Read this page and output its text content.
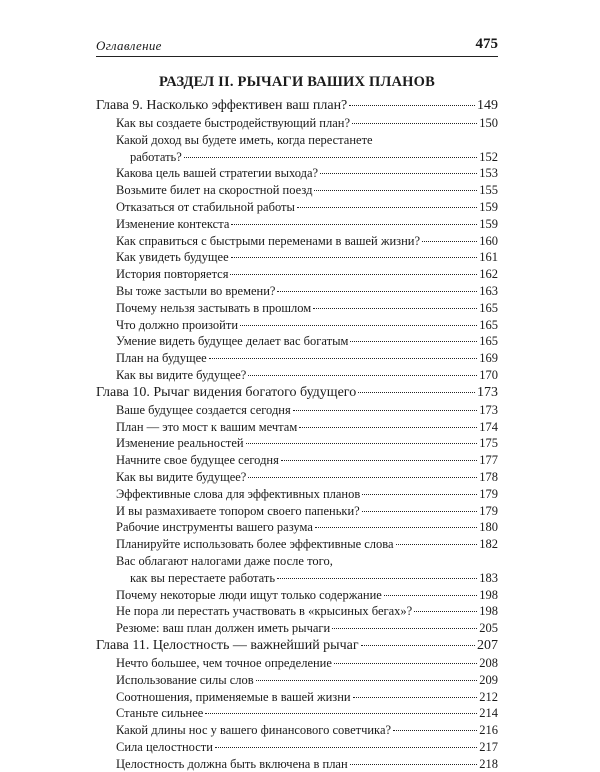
Оглавление	475
РАЗДЕЛ II. РЫЧАГИ ВАШИХ ПЛАНОВ
Глава 9. Насколько эффективен ваш план?	149
Как вы создаете быстродействующий план?	150
Какой доход вы будете иметь, когда перестанете
работать?	152
Какова цель вашей стратегии выхода?	153
Возьмите билет на скоростной поезд	155
Отказаться от стабильной работы	159
Изменение контекста	159
Как справиться с быстрыми переменами в вашей жизни?	160
Как увидеть будущее	161
История повторяется	162
Вы тоже застыли во времени?	163
Почему нельзя застывать в прошлом	165
Что должно произойти	165
Умение видеть будущее делает вас богатым	165
План на будущее	169
Как вы видите будущее?	170
Глава 10. Рычаг видения богатого будущего	173
Ваше будущее создается сегодня	173
План — это мост к вашим мечтам	174
Изменение реальностей	175
Начните свое будущее сегодня	177
Как вы видите будущее?	178
Эффективные слова для эффективных планов	179
И вы размахиваете топором своего папеньки?	179
Рабочие инструменты вашего разума	180
Планируйте использовать более эффективные слова	182
Вас облагают налогами даже после того,
как вы перестаете работать	183
Почему некоторые люди ищут только содержание	198
Не пора ли перестать участвовать в «крысиных бегах»?	198
Резюме: ваш план должен иметь рычаги	205
Глава 11. Целостность — важнейший рычаг	207
Нечто большее, чем точное определение	208
Использование силы слов	209
Соотношения, применяемые в вашей жизни	212
Станьте сильнее	214
Какой длины нос у вашего финансового советчика?	216
Сила целостности	217
Целостность должна быть включена в план	218
